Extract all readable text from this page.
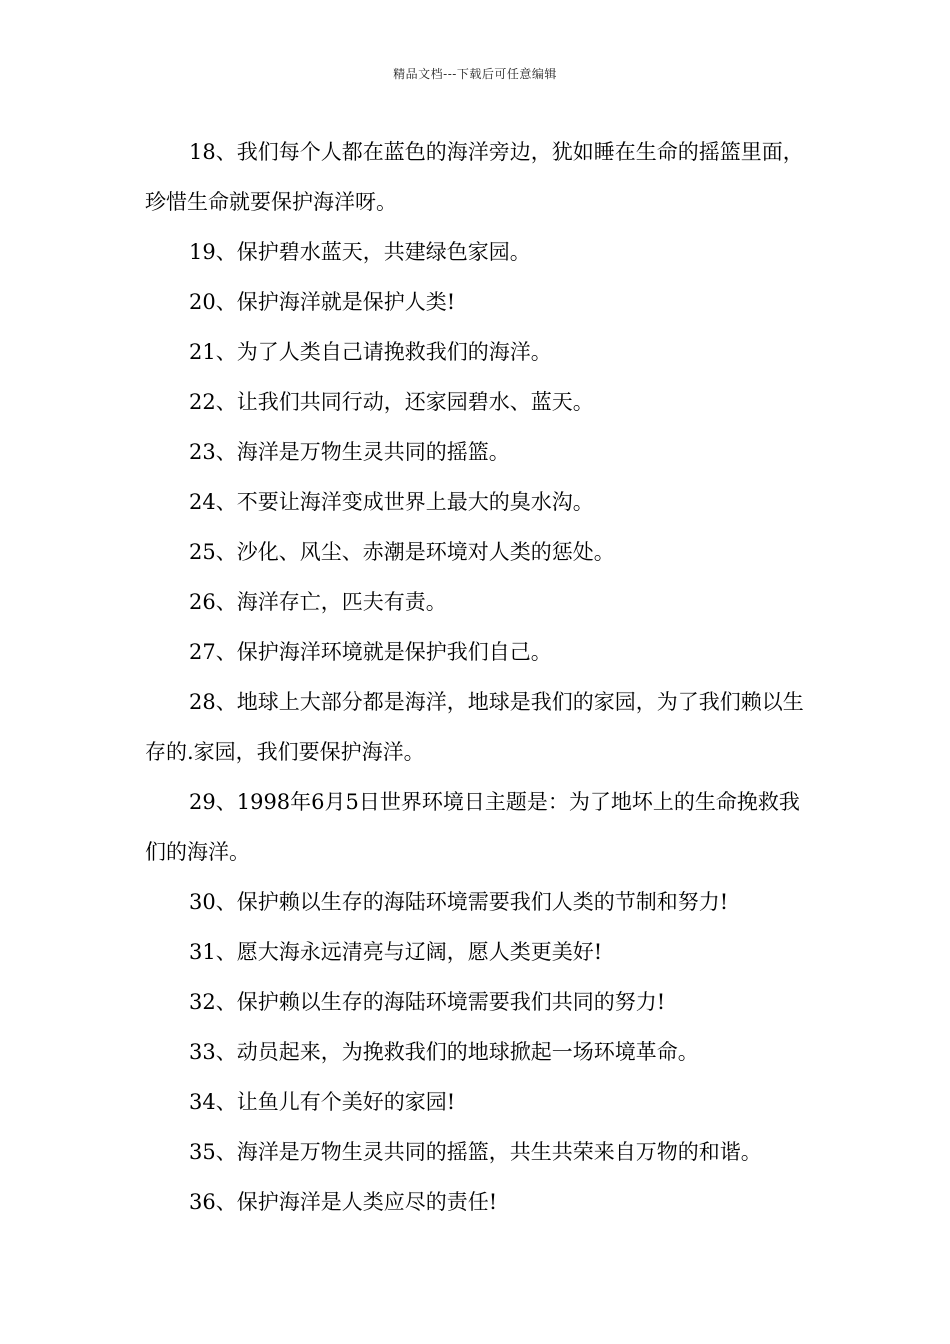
精品文档---下载后可任意编辑

18、我们每个人都在蓝色的海洋旁边，犹如睡在生命的摇篮里面，珍惜生命就要保护海洋呀。

19、保护碧水蓝天，共建绿色家园。

20、保护海洋就是保护人类!

21、为了人类自己请挽救我们的海洋。

22、让我们共同行动，还家园碧水、蓝天。

23、海洋是万物生灵共同的摇篮。

24、不要让海洋变成世界上最大的臭水沟。

25、沙化、风尘、赤潮是环境对人类的惩处。

26、海洋存亡，匹夫有责。

27、保护海洋环境就是保护我们自己。

28、地球上大部分都是海洋，地球是我们的家园，为了我们赖以生存的.家园，我们要保护海洋。

29、1998年6月5日世界环境日主题是：为了地坏上的生命挽救我们的海洋。

30、保护赖以生存的海陆环境需要我们人类的节制和努力!

31、愿大海永远清亮与辽阔，愿人类更美好!

32、保护赖以生存的海陆环境需要我们共同的努力!

33、动员起来，为挽救我们的地球掀起一场环境革命。

34、让鱼儿有个美好的家园!

35、海洋是万物生灵共同的摇篮，共生共荣来自万物的和谐。

36、保护海洋是人类应尽的责任!
